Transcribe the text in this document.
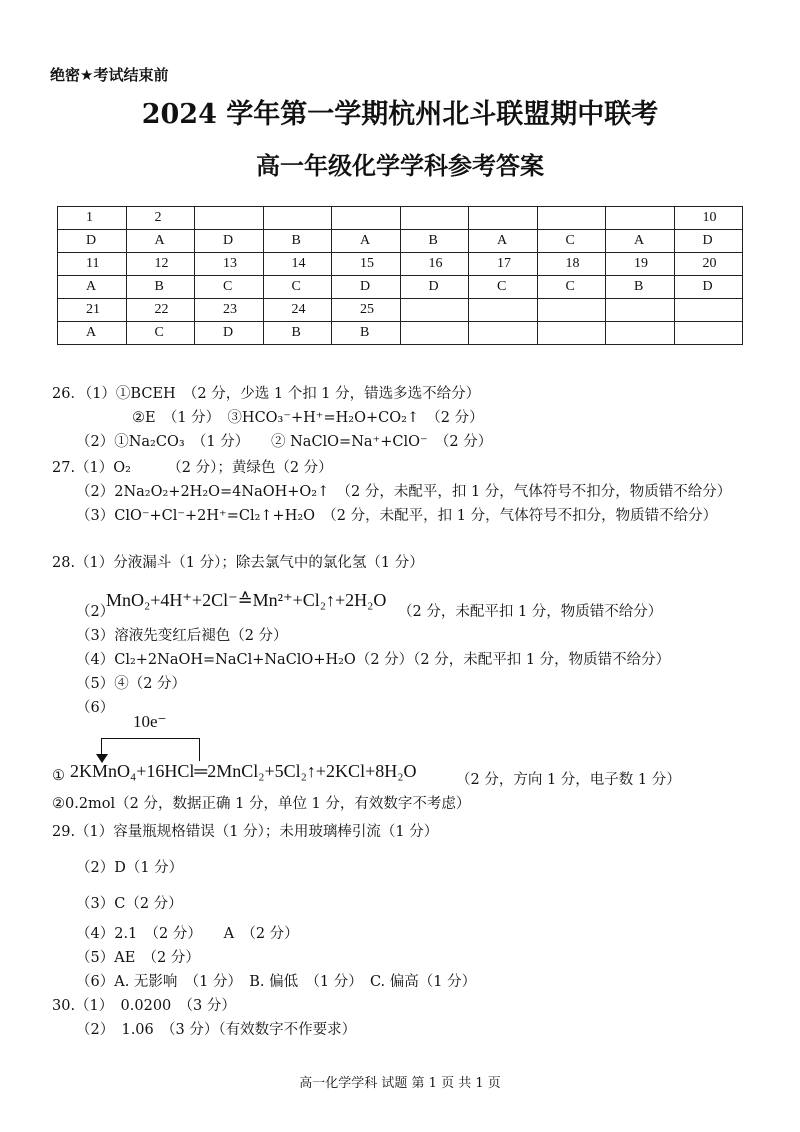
绝密★考试结束前
2024 学年第一学期杭州北斗联盟期中联考
高一年级化学学科参考答案
1	2								10
D	A	D	B	A	B	A	C	A	D
11	12	13	14	15	16	17	18	19	20
A	B	C	C	D	D	C	C	B	D
21	22	23	24	25					
A	C	D	B	B					
26．（1）①BCEH　（2 分，少选 1 个扣 1 分，错选多选不给分）
②E　（1 分）　③HCO₃⁻+H⁺=H₂O+CO₂↑　（2 分）
（2）①Na₂CO₃　（1 分）　　② NaClO=Na⁺+ClO⁻　（2 分）
27.（1）O₂　　　（2 分）；黄绿色（2 分）
（2）2Na₂O₂+2H₂O=4NaOH+O₂↑　（2 分，未配平，扣 1 分，气体符号不扣分，物质错不给分）
（3）ClO⁻+Cl⁻+2H⁺=Cl₂↑+H₂O　（2 分，未配平，扣 1 分，气体符号不扣分，物质错不给分）
28.（1）分液漏斗（1 分）；除去氯气中的氯化氢（1 分）
（2）
MnO₂+4H⁺+2Cl⁻≙Mn²⁺+Cl₂↑+2H₂O
（2 分，未配平扣 1 分，物质错不给分）
（3）溶液先变红后褪色（2 分）
（4）Cl₂+2NaOH=NaCl+NaClO+H₂O（2 分）（2 分，未配平扣 1 分，物质错不给分）
（5）④（2 分）
（6）
10e⁻
① 2KMnO₄+16HCl═2MnCl₂+5Cl₂↑+2KCl+8H₂O	（2 分，方向 1 分，电子数 1 分）
②0.2mol（2 分，数据正确 1 分，单位 1 分，有效数字不考虑）
29.（1）容量瓶规格错误（1 分）；未用玻璃棒引流（1 分）
（2）D（1 分）
（3）C（2 分）
（4）2.1　（2 分）　　A　（2 分）
（5）AE　（2 分）
（6）A. 无影响　（1 分）　B. 偏低　（1 分）　C. 偏高（1 分）
30.（1）　0.0200　（3 分）
（2）　1.06　（3 分）（有效数字不作要求）
高一化学学科 试题 第 1 页 共 1 页
